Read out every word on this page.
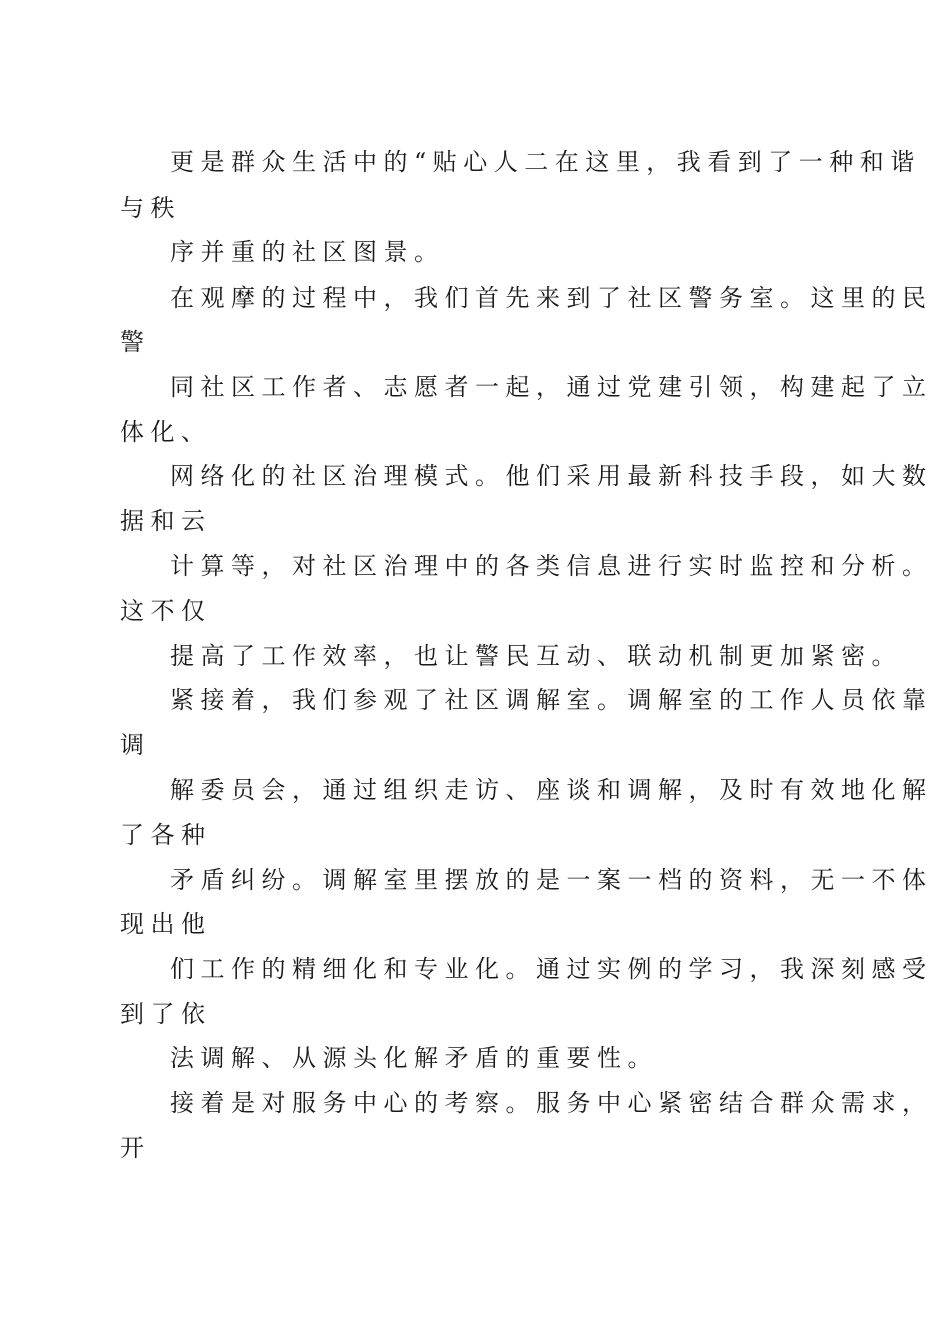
更是群众生活中的“贴心人二在这里，我看到了一种和谐
与秩
序并重的社区图景。
在观摩的过程中，我们首先来到了社区警务室。这里的民
警
同社区工作者、志愿者一起，通过党建引领，构建起了立
体化、
网络化的社区治理模式。他们采用最新科技手段，如大数
据和云
计算等，对社区治理中的各类信息进行实时监控和分析。
这不仅
提高了工作效率，也让警民互动、联动机制更加紧密。
紧接着，我们参观了社区调解室。调解室的工作人员依靠
调
解委员会，通过组织走访、座谈和调解，及时有效地化解
了各种
矛盾纠纷。调解室里摆放的是一案一档的资料，无一不体
现出他
们工作的精细化和专业化。通过实例的学习，我深刻感受
到了依
法调解、从源头化解矛盾的重要性。
接着是对服务中心的考察。服务中心紧密结合群众需求，
开
